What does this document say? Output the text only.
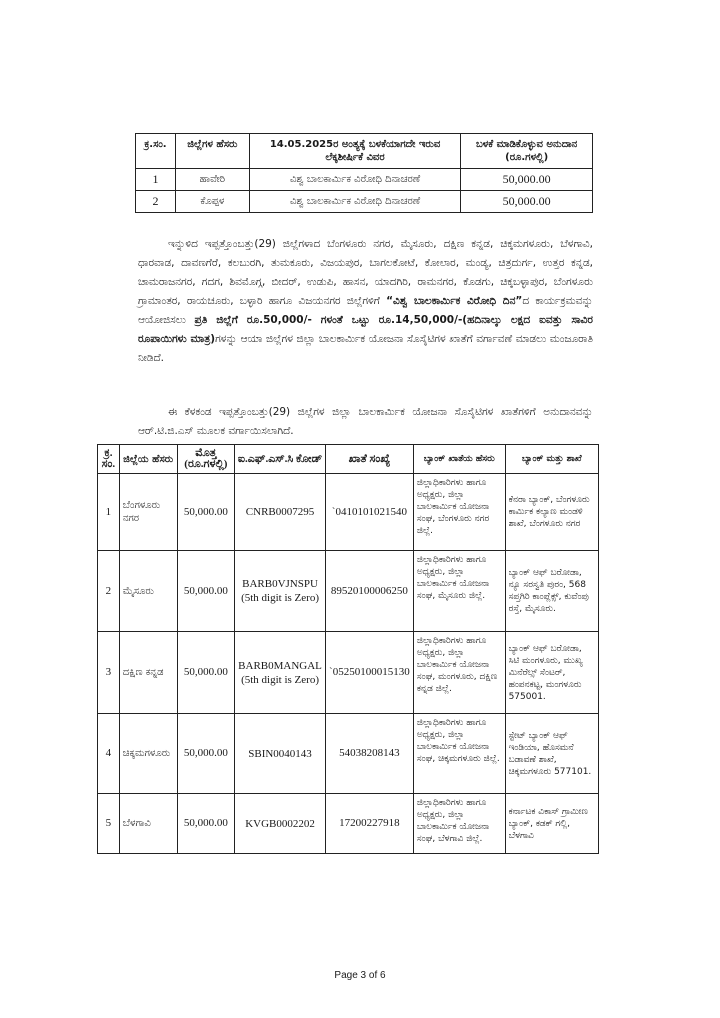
ಕ್ರ.ಸಂ.	ಜಿಲ್ಲೆಗಳ ಹೆಸರು	14.05.2025ರ ಅಂತ್ಯಕ್ಕೆ ಬಳಕೆಯಾಗದೇ ಇರುವ ಲೆಕ್ಕಶೀರ್ಷಿಕೆ ವಿವರ	ಬಳಕೆ ಮಾಡಿಕೊಳ್ಳುವ ಅನುದಾನ (ರೂ.ಗಳಲ್ಲಿ)
1	ಹಾವೇರಿ	ವಿಶ್ವ ಬಾಲಕಾರ್ಮಿಕ ವಿರೋಧಿ ದಿನಾಚರಣೆ	50,000.00
2	ಕೊಪ್ಪಳ	ವಿಶ್ವ ಬಾಲಕಾರ್ಮಿಕ ವಿರೋಧಿ ದಿನಾಚರಣೆ	50,000.00

ಇನ್ನುಳಿದ ಇಪ್ಪತ್ತೊಂಬತ್ತು(29) ಜಿಲ್ಲೆಗಳಾದ ಬೆಂಗಳೂರು ನಗರ, ಮೈಸೂರು, ದಕ್ಷಿಣ ಕನ್ನಡ, ಚಿಕ್ಕಮಗಳೂರು, ಬೆಳಗಾವಿ, ಧಾರವಾಡ, ದಾವಣಗೆರೆ, ಕಲಬುರಗಿ, ತುಮಕೂರು, ವಿಜಯಪುರ, ಬಾಗಲಕೋಟೆ, ಕೋಲಾರ, ಮಂಡ್ಯ, ಚಿತ್ರದುರ್ಗ, ಉತ್ತರ ಕನ್ನಡ, ಚಾಮರಾಜನಗರ, ಗದಗ, ಶಿವಮೊಗ್ಗ, ಬೀದರ್, ಉಡುಪಿ, ಹಾಸನ, ಯಾದಗಿರಿ, ರಾಮನಗರ, ಕೊಡಗು, ಚಿಕ್ಕಬಳ್ಳಾಪುರ, ಬೆಂಗಳೂರು ಗ್ರಾಮಾಂತರ, ರಾಯಚೂರು, ಬಳ್ಳಾರಿ ಹಾಗೂ ವಿಜಯನಗರ ಜಿಲ್ಲೆಗಳಿಗೆ “ವಿಶ್ವ ಬಾಲಕಾರ್ಮಿಕ ವಿರೋಧಿ ದಿನ”ದ ಕಾರ್ಯಕ್ರಮವನ್ನು ಆಯೋಜಿಸಲು ಪ್ರತಿ ಜಿಲ್ಲೆಗೆ ರೂ.50,000/- ಗಳಂತೆ ಒಟ್ಟು ರೂ.14,50,000/-(ಹದಿನಾಲ್ಕು ಲಕ್ಷದ ಐವತ್ತು ಸಾವಿರ ರೂಪಾಯಿಗಳು ಮಾತ್ರ)ಗಳನ್ನು ಆಯಾ ಜಿಲ್ಲೆಗಳ ಜಿಲ್ಲಾ ಬಾಲಕಾರ್ಮಿಕ ಯೋಜನಾ ಸೊಸೈಟಿಗಳ ಖಾತೆಗೆ ವರ್ಗಾವಣೆ ಮಾಡಲು ಮಂಜೂರಾತಿ ನೀಡಿದೆ.

ಈ ಕೆಳಕಂಡ ಇಪ್ಪತ್ತೊಂಬತ್ತು(29) ಜಿಲ್ಲೆಗಳ ಜಿಲ್ಲಾ ಬಾಲಕಾರ್ಮಿಕ ಯೋಜನಾ ಸೊಸೈಟಿಗಳ ಖಾತೆಗಳಿಗೆ ಅನುದಾನವನ್ನು ಆರ್.ಟಿ.ಜಿ.ಎಸ್ ಮೂಲಕ ವರ್ಗಾಯಿಸಲಾಗಿದೆ.

ಕ್ರ. ಸಂ.	ಜಿಲ್ಲೆಯ ಹೆಸರು	ಮೊತ್ತ (ರೂ.ಗಳಲ್ಲಿ)	ಐ.ಎಫ್.ಎಸ್.ಸಿ ಕೋಡ್	ಖಾತೆ ಸಂಖ್ಯೆ	ಬ್ಯಾಂಕ್ ಖಾತೆಯ ಹೆಸರು	ಬ್ಯಾಂಕ್ ಮತ್ತು ಶಾಖೆ
1	ಬೆಂಗಳೂರು ನಗರ	50,000.00	CNRB0007295	`0410101021540	ಜಿಲ್ಲಾಧಿಕಾರಿಗಳು ಹಾಗೂ ಅಧ್ಯಕ್ಷರು, ಜಿಲ್ಲಾ ಬಾಲಕಾರ್ಮಿಕ ಯೋಜನಾ ಸಂಘ, ಬೆಂಗಳೂರು ನಗರ ಜಿಲ್ಲೆ.	ಕೆನರಾ ಬ್ಯಾಂಕ್, ಬೆಂಗಳೂರು ಕಾರ್ಮಿಕ ಕಲ್ಯಾಣ ಮಂಡಳಿ ಶಾಖೆ, ಬೆಂಗಳೂರು ನಗರ
2	ಮೈಸೂರು	50,000.00	BARB0VJNSPU
(5th digit is Zero)	89520100006250	ಜಿಲ್ಲಾಧಿಕಾರಿಗಳು ಹಾಗೂ ಅಧ್ಯಕ್ಷರು, ಜಿಲ್ಲಾ ಬಾಲಕಾರ್ಮಿಕ ಯೋಜನಾ ಸಂಘ, ಮೈಸೂರು ಜಿಲ್ಲೆ.	ಬ್ಯಾಂಕ್ ಆಫ್ ಬರೋಡಾ, ನ್ಯೂ ಸರಸ್ವತಿ ಪುರಂ, 568 ಸಪ್ತಗಿರಿ ಕಾಂಪ್ಲೆಕ್ಸ್, ಕುವೆಂಪು ರಸ್ತೆ, ಮೈಸೂರು.
3	ದಕ್ಷಿಣ ಕನ್ನಡ	50,000.00	BARB0MANGAL
(5th digit is Zero)	`05250100015130	ಜಿಲ್ಲಾಧಿಕಾರಿಗಳು ಹಾಗೂ ಅಧ್ಯಕ್ಷರು, ಜಿಲ್ಲಾ ಬಾಲಕಾರ್ಮಿಕ ಯೋಜನಾ ಸಂಘ, ಮಂಗಳೂರು, ದಕ್ಷಿಣ ಕನ್ನಡ ಜಿಲ್ಲೆ.	ಬ್ಯಾಂಕ್ ಆಫ್ ಬರೋಡಾ, ಸಿಟಿ ಮಂಗಳೂರು, ಮುಖ್ಯ ಮಿನೆರೆಲ್ಸ್ ಸೆಂಟರ್, ಹಂಪನಕಟ್ಟ, ಮಂಗಳೂರು 575001.
4	ಚಿಕ್ಕಮಗಳೂರು	50,000.00	SBIN0040143	54038208143	ಜಿಲ್ಲಾಧಿಕಾರಿಗಳು ಹಾಗೂ ಅಧ್ಯಕ್ಷರು, ಜಿಲ್ಲಾ ಬಾಲಕಾರ್ಮಿಕ ಯೋಜನಾ ಸಂಘ, ಚಿಕ್ಕಮಗಳೂರು ಜಿಲ್ಲೆ.	ಸ್ಟೇಟ್ ಬ್ಯಾಂಕ್ ಆಫ್ ಇಂಡಿಯಾ, ಹೊಸಮನೆ ಬಡಾವಣೆ ಶಾಖೆ, ಚಿಕ್ಕಮಗಳೂರು 577101.
5	ಬೆಳಗಾವಿ	50,000.00	KVGB0002202	17200227918	ಜಿಲ್ಲಾಧಿಕಾರಿಗಳು ಹಾಗೂ ಅಧ್ಯಕ್ಷರು, ಜಿಲ್ಲಾ ಬಾಲಕಾರ್ಮಿಕ ಯೋಜನಾ ಸಂಘ, ಬೆಳಗಾವಿ ಜಿಲ್ಲೆ.	ಕರ್ನಾಟಕ ವಿಕಾಸ್ ಗ್ರಾಮೀಣ ಬ್ಯಾಂಕ್, ಕಡಕ್ ಗಲ್ಲಿ, ಬೆಳಗಾವಿ
Page 3 of 6
